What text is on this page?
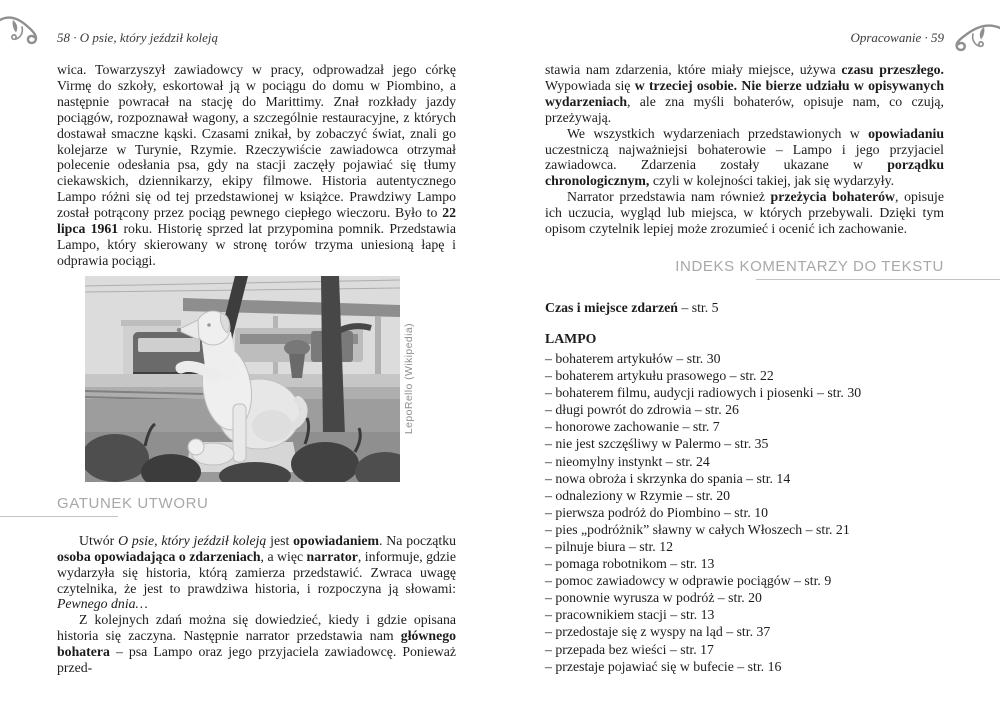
58 · O psie, który jeździł koleją
wica. Towarzyszył zawiadowcy w pracy, odprowadzał jego córkę Virmę do szkoły, eskortował ją w pociągu do domu w Piombino, a następnie powracał na stację do Marittimy. Znał rozkłady jazdy pociągów, rozpoznawał wagony, a szczególnie restauracyjne, z których dostawał smaczne kąski. Czasami znikał, by zobaczyć świat, znali go kolejarze w Turynie, Rzymie. Rzeczywiście zawiadowca otrzymał polecenie odesłania psa, gdy na stacji zaczęły pojawiać się tłumy ciekawskich, dziennikarzy, ekipy filmowe. Historia autentycznego Lampo różni się od tej przedstawionej w książce. Prawdziwy Lampo został potrącony przez pociąg pewnego ciepłego wieczoru. Było to 22 lipca 1961 roku. Historię sprzed lat przypomina pomnik. Przedstawia Lampo, który skierowany w stronę torów trzyma uniesioną łapę i odprawia pociągi.
LepoRello (Wikipedia)
GATUNEK UTWORU
Utwór O psie, który jeździł koleją jest opowiadaniem. Na początku osoba opowiadająca o zdarzeniach, a więc narrator, informuje, gdzie wydarzyła się historia, którą zamierza przedstawić. Zwraca uwagę czytelnika, że jest to prawdziwa historia, i rozpoczyna ją słowami: Pewnego dnia…
Z kolejnych zdań można się dowiedzieć, kiedy i gdzie opisana historia się zaczyna. Następnie narrator przedstawia nam głównego bohatera – psa Lampo oraz jego przyjaciela zawiadowcę. Ponieważ przed-
Opracowanie · 59
stawia nam zdarzenia, które miały miejsce, używa czasu przeszłego. Wypowiada się w trzeciej osobie. Nie bierze udziału w opisywanych wydarzeniach, ale zna myśli bohaterów, opisuje nam, co czują, przeżywają.
We wszystkich wydarzeniach przedstawionych w opowiadaniu uczestniczą najważniejsi bohaterowie – Lampo i jego przyjaciel zawiadowca. Zdarzenia zostały ukazane w porządku chronologicznym, czyli w kolejności takiej, jak się wydarzyły.
Narrator przedstawia nam również przeżycia bohaterów, opisuje ich uczucia, wygląd lub miejsca, w których przebywali. Dzięki tym opisom czytelnik lepiej może zrozumieć i ocenić ich zachowanie.
INDEKS KOMENTARZY DO TEKSTU
Czas i miejsce zdarzeń – str. 5
LAMPO
– bohaterem artykułów – str. 30
– bohaterem artykułu prasowego – str. 22
– bohaterem filmu, audycji radiowych i piosenki – str. 30
– długi powrót do zdrowia – str. 26
– honorowe zachowanie – str. 7
– nie jest szczęśliwy w Palermo – str. 35
– nieomylny instynkt – str. 24
– nowa obroża i skrzynka do spania – str. 14
– odnaleziony w Rzymie – str. 20
– pierwsza podróż do Piombino – str. 10
– pies „podróżnik” sławny w całych Włoszech – str. 21
– pilnuje biura – str. 12
– pomaga robotnikom – str. 13
– pomoc zawiadowcy w odprawie pociągów – str. 9
– ponownie wyrusza w podróż – str. 20
– pracownikiem stacji – str. 13
– przedostaje się z wyspy na ląd – str. 37
– przepada bez wieści – str. 17
– przestaje pojawiać się w bufecie – str. 16
